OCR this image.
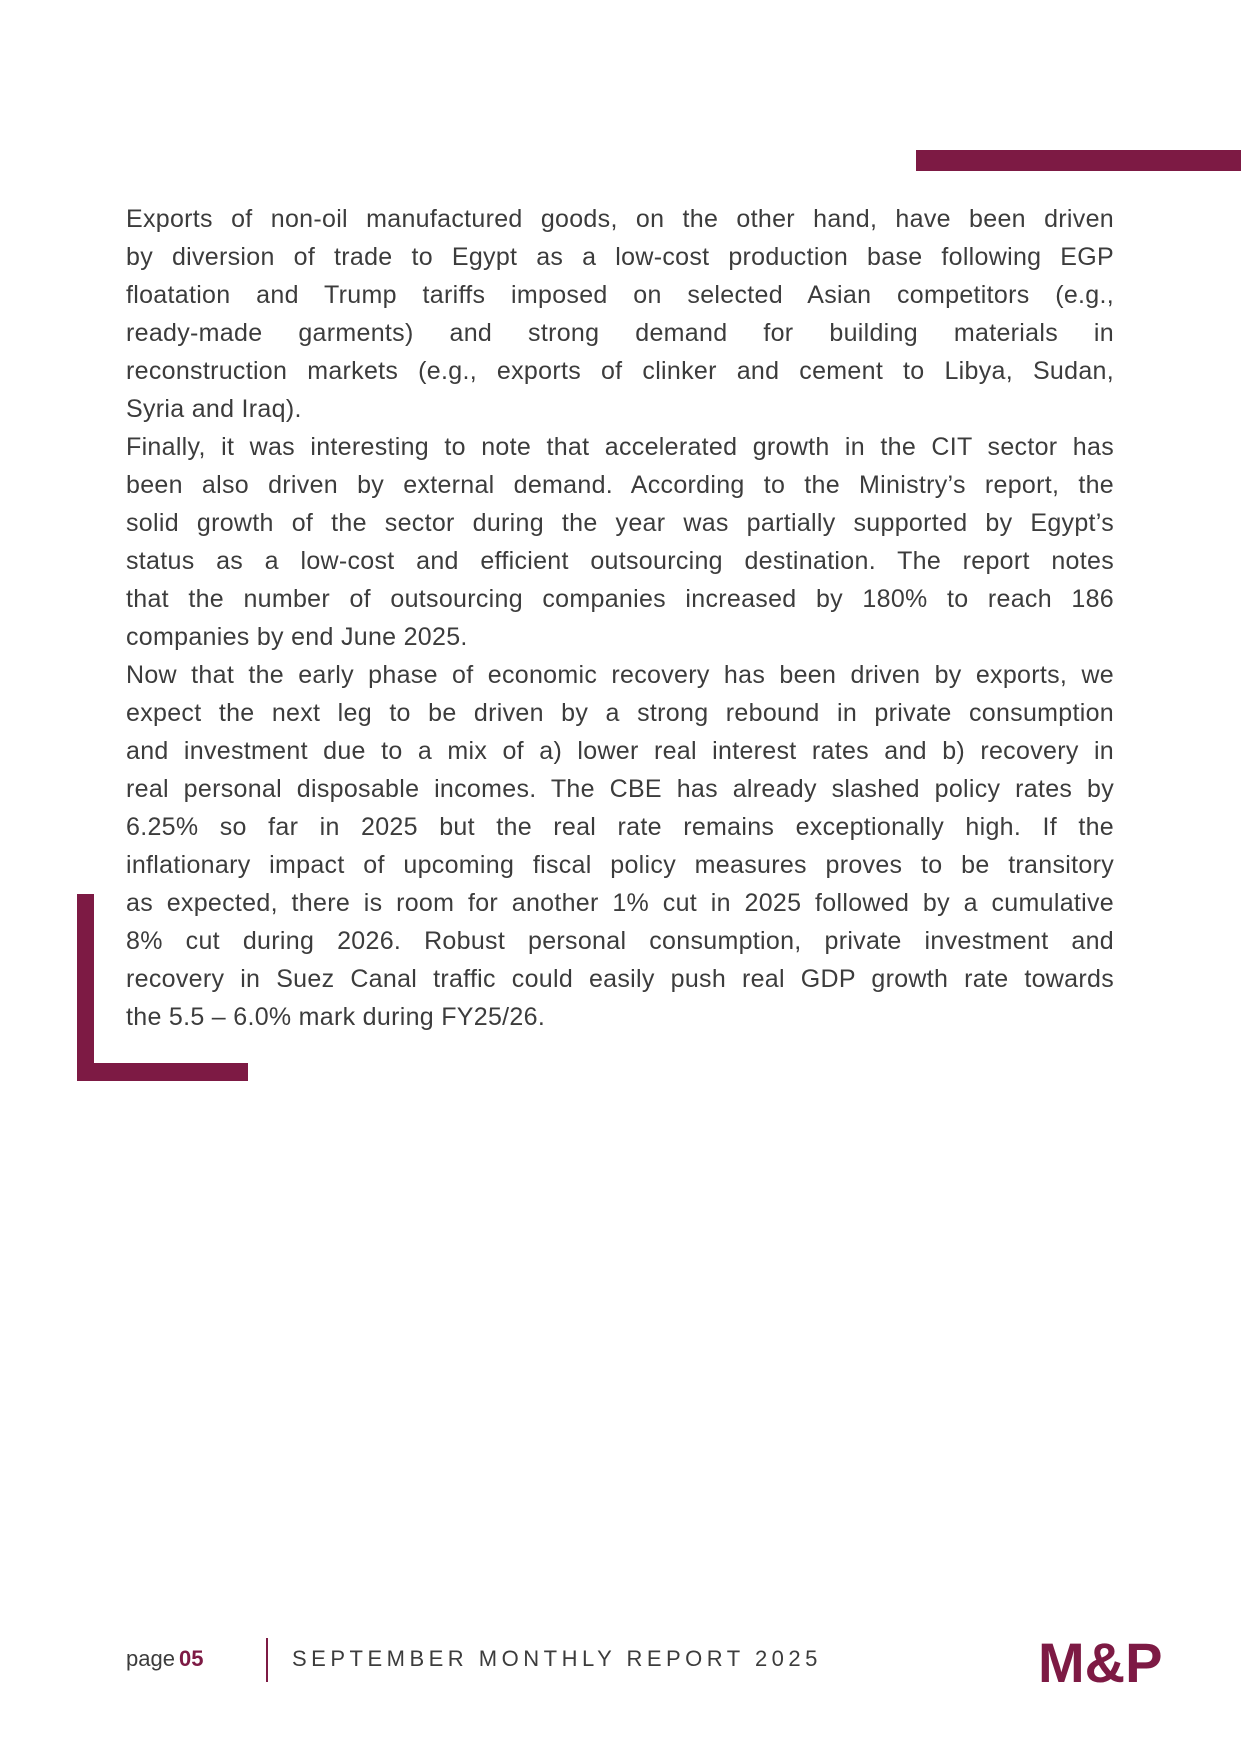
Exports of non-oil manufactured goods, on the other hand, have been driven
by diversion of trade to Egypt as a low-cost production base following EGP
floatation and Trump tariffs imposed on selected Asian competitors (e.g.,
ready-made garments) and strong demand for building materials in
reconstruction markets (e.g., exports of clinker and cement to Libya, Sudan,
Syria and Iraq).
Finally, it was interesting to note that accelerated growth in the CIT sector has
been also driven by external demand. According to the Ministry’s report, the
solid growth of the sector during the year was partially supported by Egypt’s
status as a low-cost and efficient outsourcing destination. The report notes
that the number of outsourcing companies increased by 180% to reach 186
companies by end June 2025.
Now that the early phase of economic recovery has been driven by exports, we
expect the next leg to be driven by a strong rebound in private consumption
and investment due to a mix of a) lower real interest rates and b) recovery in
real personal disposable incomes. The CBE has already slashed policy rates by
6.25% so far in 2025 but the real rate remains exceptionally high. If the
inflationary impact of upcoming fiscal policy measures proves to be transitory
as expected, there is room for another 1% cut in 2025 followed by a cumulative
8% cut during 2026. Robust personal consumption, private investment and
recovery in Suez Canal traffic could easily push real GDP growth rate towards
the 5.5 – 6.0% mark during FY25/26.
page 05	SEPTEMBER MONTHLY REPORT 2025	M&P
